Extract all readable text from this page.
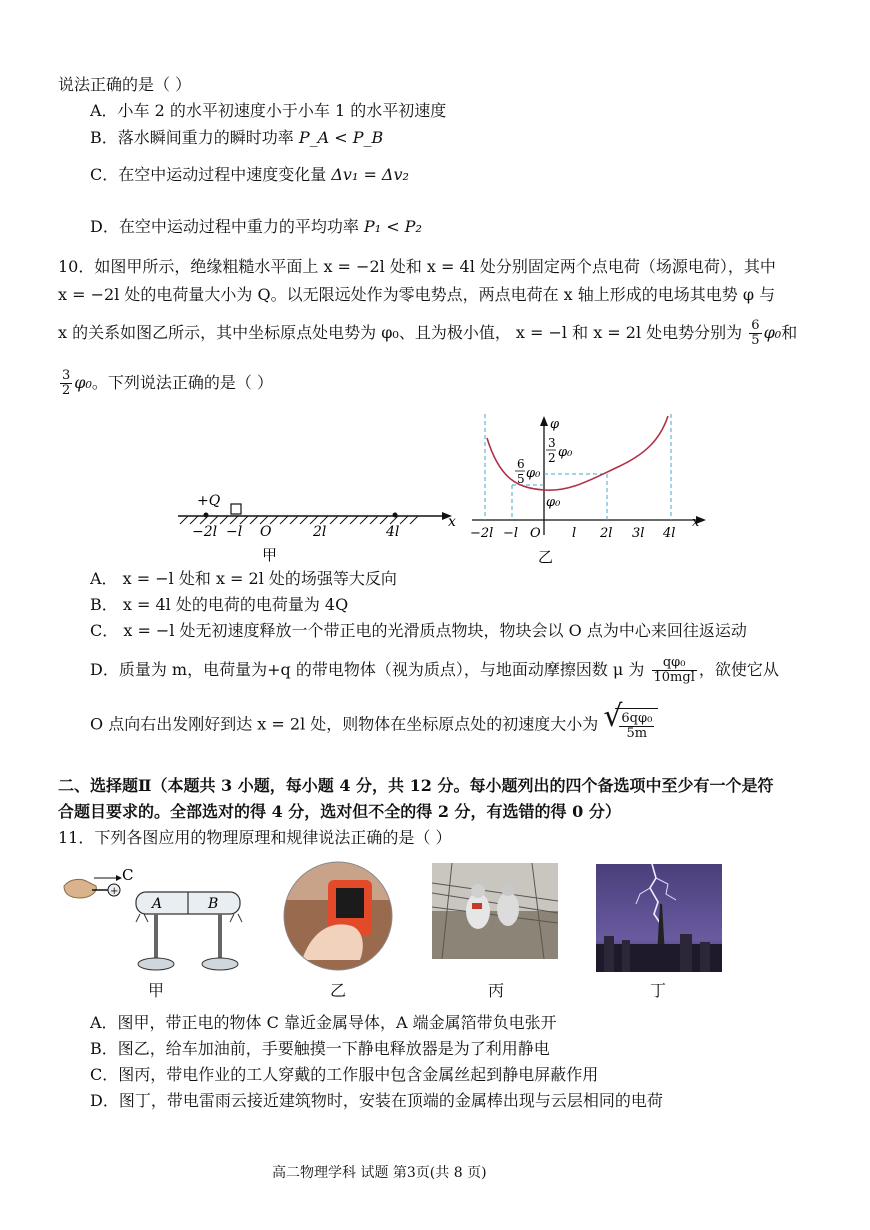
说法正确的是（ ）
A．小车 2 的水平初速度小于小车 1 的水平初速度
B．落水瞬间重力的瞬时功率 P_A < P_B
C．在空中运动过程中速度变化量 Δv₁ = Δv₂
D．在空中运动过程中重力的平均功率 P₁ < P₂
10．如图甲所示，绝缘粗糙水平面上 x = −2l 处和 x = 4l 处分别固定两个点电荷（场源电荷），其中
x = −2l 处的电荷量大小为 Q。以无限远处作为零电势点，两点电荷在 x 轴上形成的电场其电势 φ 与
x 的关系如图乙所示，其中坐标原点处电势为 φ₀、且为极小值， x = −l 和 x = 2l 处电势分别为 $\frac{6}{5} \varphi_0$和
$\frac{3}{2} \varphi_0$。下列说法正确的是（ ）
+Q
−2l −l O	2l	4l
x
甲
φ
3
2 φ₀
6
5 φ₀
φ₀
−2l −l O l 2l 3l 4l
x
乙
A． x = −l 处和 x = 2l 处的场强等大反向
B． x = 4l 处的电荷的电荷量为 4Q
C． x = −l 处无初速度释放一个带正电的光滑质点物块，物块会以 O 点为中心来回往返运动
D．质量为 m，电荷量为+q 的带电物体（视为质点），与地面动摩擦因数 μ 为 $\frac{\text{qφ₀}}{\text{10mgl}}$ ，欲使它从
O 点向右出发刚好到达 x = 2l 处，则物体在坐标原点处的初速度大小为 √
$\frac{\text{6qφ₀}}{5m}$
二、选择题Ⅱ（本题共 3 小题，每小题 4 分，共 12 分。每小题列出的四个备选项中至少有一个是符
合题目要求的。全部选对的得 4 分，选对但不全的得 2 分，有选错的得 0 分）
11．下列各图应用的物理原理和规律说法正确的是（ ）
+
C
A	B
甲	乙	丙	丁
A．图甲，带正电的物体 C 靠近金属导体，A 端金属箔带负电张开
B．图乙，给车加油前，手要触摸一下静电释放器是为了利用静电
C．图丙，带电作业的工人穿戴的工作服中包含金属丝起到静电屏蔽作用
D．图丁，带电雷雨云接近建筑物时，安装在顶端的金属棒出现与云层相同的电荷
高二物理学科 试题 第3页(共 8 页)
